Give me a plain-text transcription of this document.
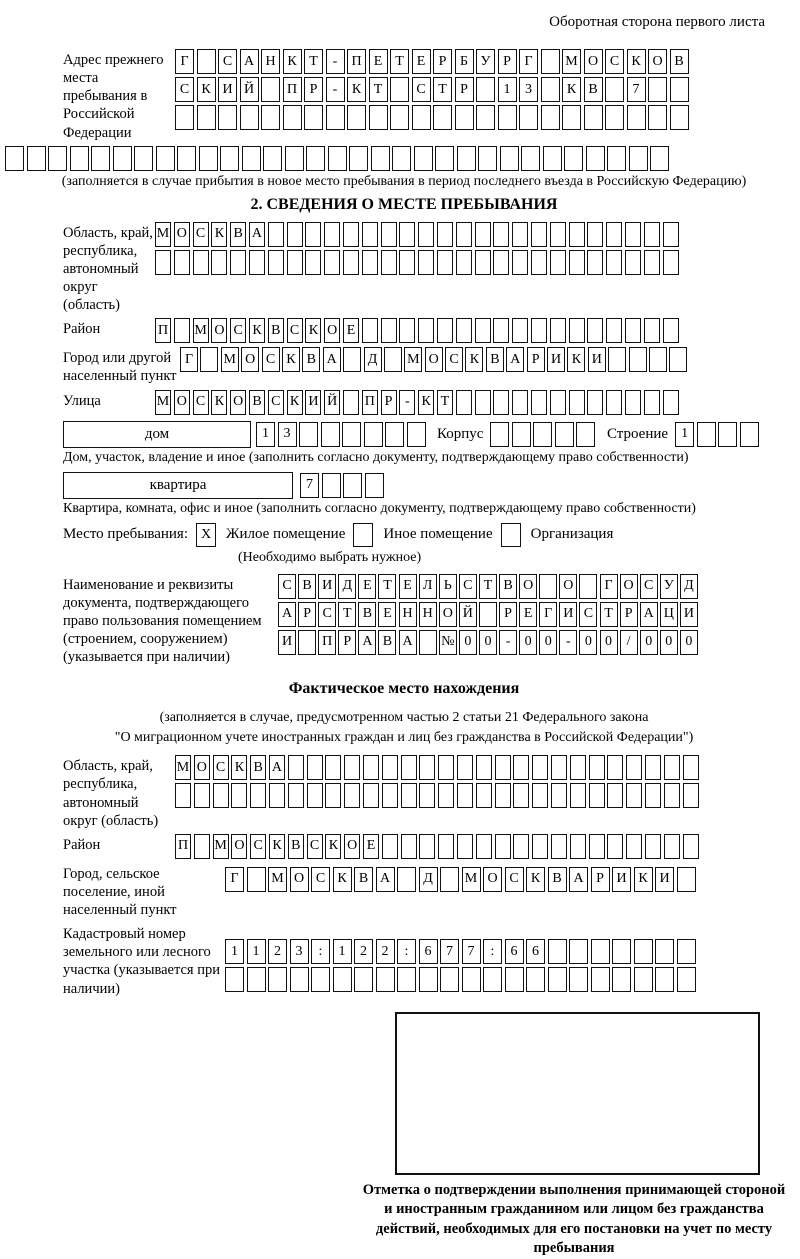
Оборотная сторона первого листа
Адрес прежнего места пребывания в Российской Федерации
Г	С А Н К Т	-	П Е Т Е Р Б У Р Г	М О С К О В
С К И Й	П Р	-	К Т	С Т Р	1	3	К В	7
(заполняется в случае прибытия в новое место пребывания в период последнего въезда в Российскую Федерацию)
2. СВЕДЕНИЯ О МЕСТЕ ПРЕБЫВАНИЯ
Область, край, республика, автономный округ (область)
М О С К В А
Район	П М О С К В С К О Е
Город или другой населенный пункт
Г	М О С К В А	Д	М О С К В А Р И К И
Улица	М О С К О В С К И Й П Р - К Т
дом	1	3	Корпус	Строение 1
Дом, участок, владение и иное (заполнить согласно документу, подтверждающему право собственности)
квартира	7
Квартира, комната, офис и иное (заполнить согласно документу, подтверждающему право собственности)
Место пребывания: X Жилое помещение	Иное помещение	Организация
(Необходимо выбрать нужное)
Наименование и реквизиты документа, подтверждающего право пользования помещением (строением, сооружением) (указывается при наличии)
С В И Д Е Т Е Л Ь С Т В О О	Г О С У Д
А Р С Т В Е Н Н О Й	Р Е Г И С Т Р А Ц И
И П Р А В А № 0 0	-	0 0	-	0 0	/	0 0 0
Фактическое место нахождения
(заполняется в случае, предусмотренном частью 2 статьи 21 Федерального закона
"О миграционном учете иностранных граждан и лиц без гражданства в Российской Федерации")
Область, край, республика, автономный округ (область)
М О С К В А
Район	П М О С К В С К О Е
Город, сельское поселение, иной населенный пункт
Г	М О С К В А	Д	М О С К В А Р И К И
Кадастровый номер земельного или лесного участка (указывается при наличии)
1	1	2	3	:	1	2	2	:	6	7	7	:	6	6
Отметка о подтверждении выполнения принимающей стороной и иностранным гражданином или лицом без гражданства действий, необходимых для его постановки на учет по месту пребывания
